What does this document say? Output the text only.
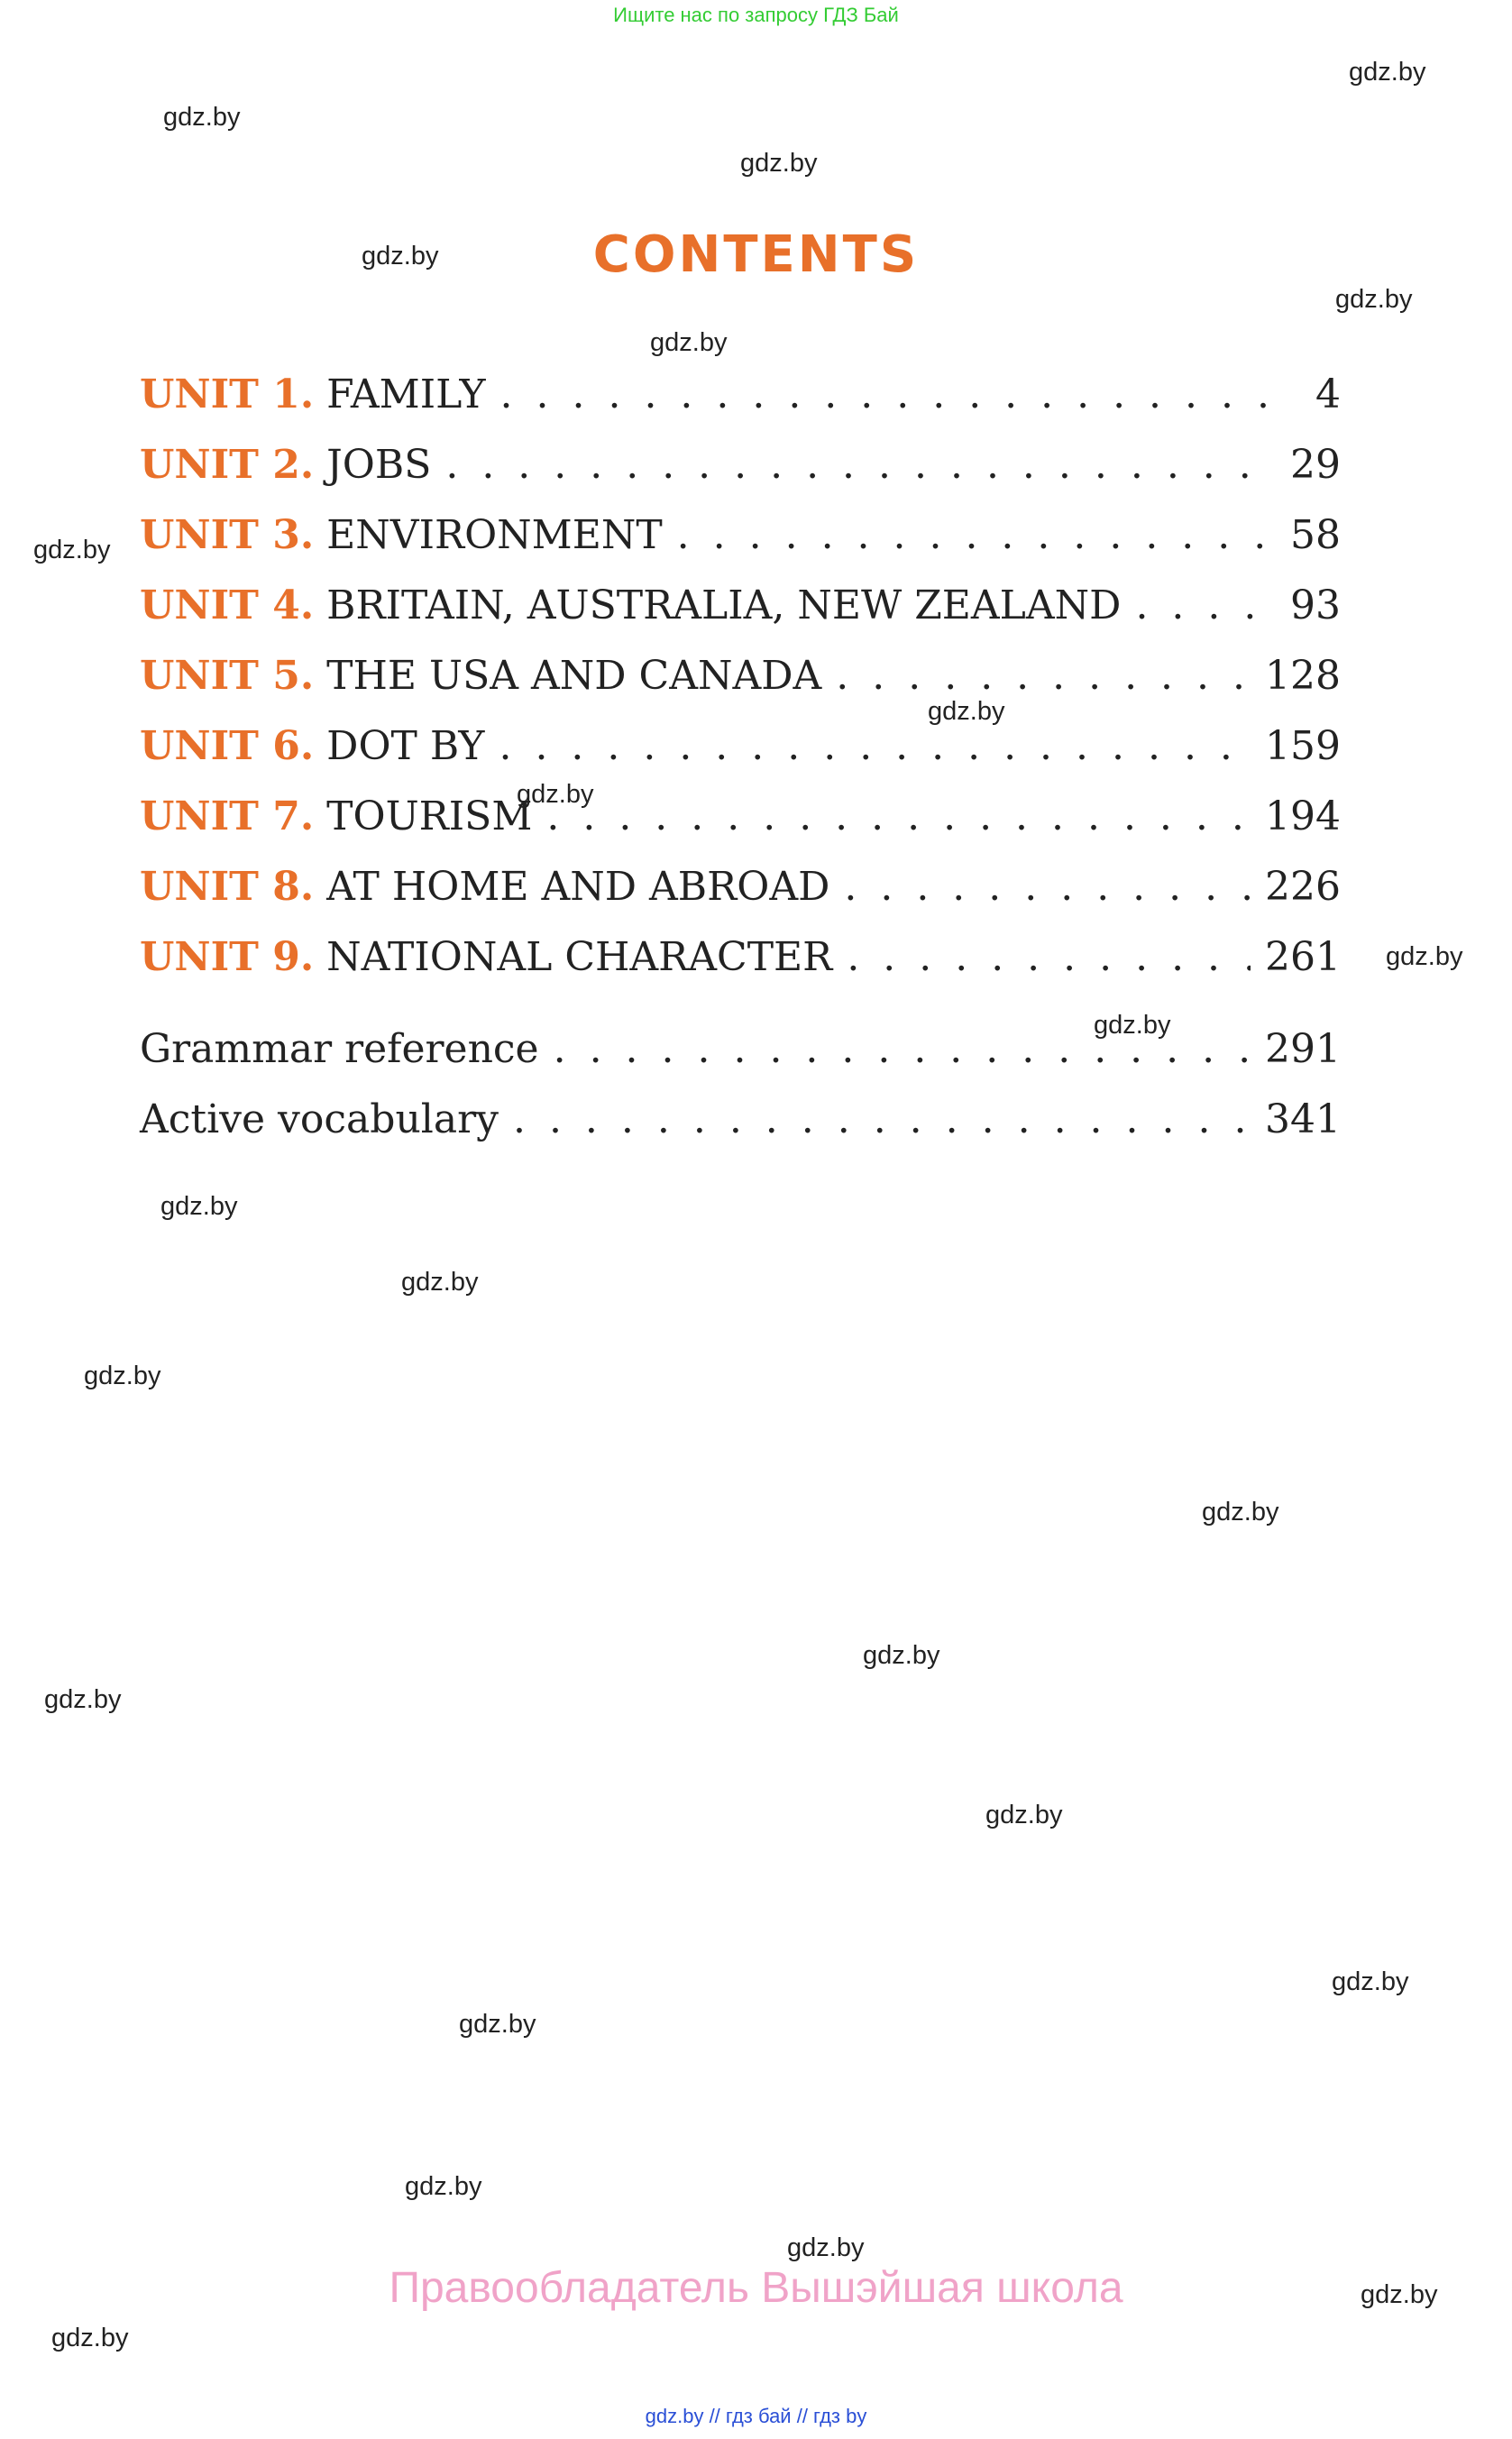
Ищите нас по запросу ГДЗ Бай
CONTENTS
UNIT 1. FAMILY . . .	4
UNIT 2. JOBS . . .	29
UNIT 3. ENVIRONMENT . . .	58
UNIT 4. BRITAIN, AUSTRALIA, NEW ZEALAND . . .	93
UNIT 5. THE USA AND CANADA . . .	128
UNIT 6. DOT BY . . .	159
UNIT 7. TOURISM . . .	194
UNIT 8. AT HOME AND ABROAD . . .	226
UNIT 9. NATIONAL CHARACTER . . .	261
Grammar reference . . .	291
Active vocabulary . . .	341
gdz.by
gdz.by
gdz.by
gdz.by
gdz.by
gdz.by
gdz.by
gdz.by
gdz.by
gdz.by
gdz.by
gdz.by
gdz.by
gdz.by
gdz.by
gdz.by
gdz.by
gdz.by
gdz.by
gdz.by
gdz.by
gdz.by
gdz.by
gdz.by
Правообладатель Вышэйшая школа
gdz.by // гдз бай // гдз by
